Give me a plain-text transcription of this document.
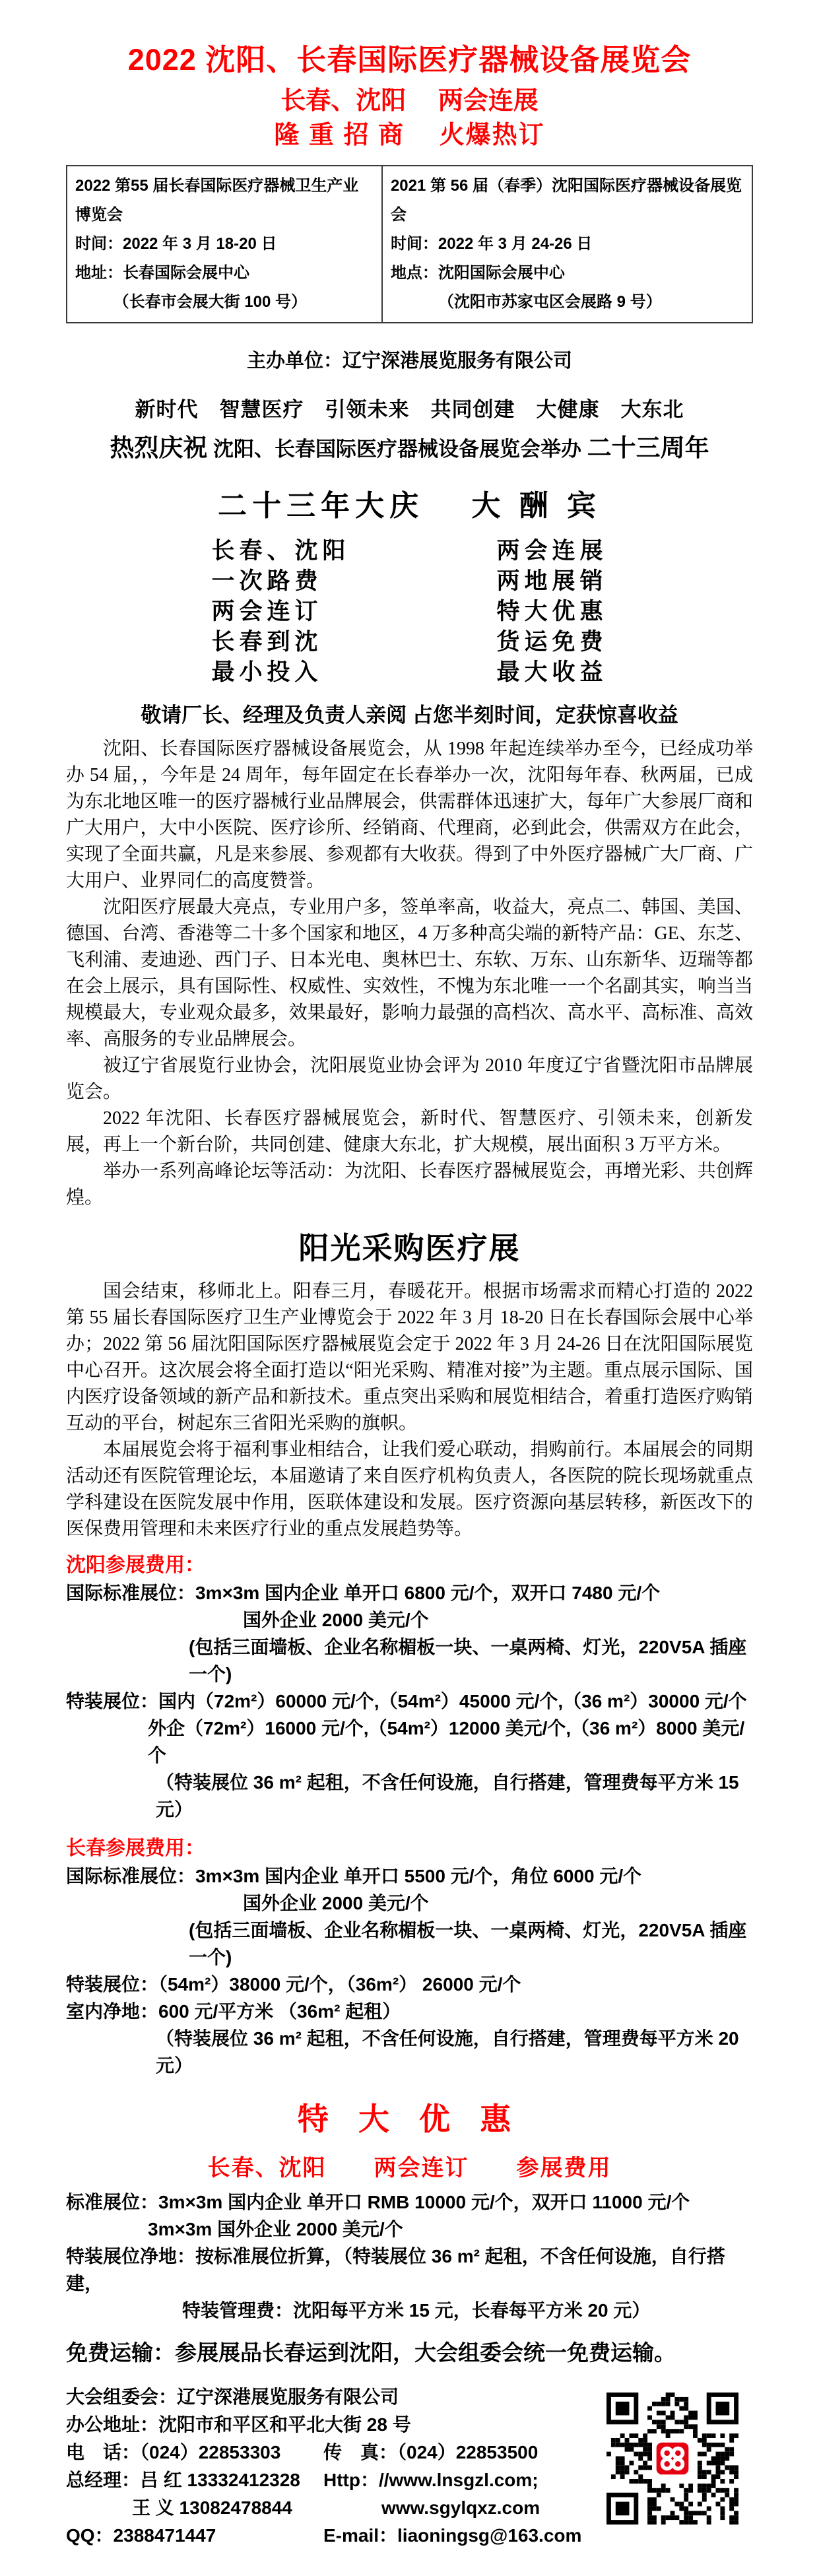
2022 沈阳、长春国际医疗器械设备展览会
长春、沈阳　 两会连展
隆 重 招 商　 火爆热订
2022 第55 届长春国际医疗器械卫生产业博览会
时间：2022 年 3 月 18-20 日
地址：长春国际会展中心
（长春市会展大街 100 号）

2021 第 56 届（春季）沈阳国际医疗器械设备展览会
时间：2022 年 3 月 24-26 日
地点：沈阳国际会展中心
（沈阳市苏家屯区会展路 9 号）
主办单位：辽宁深港展览服务有限公司
新时代　智慧医疗　引领未来　共同创建　大健康　大东北
热烈庆祝 沈阳、长春国际医疗器械设备展览会举办 二十三周年
二十三年大庆　 大 酬 宾
长春、沈阳	两会连展
一次路费	两地展销
两会连订	特大优惠
长春到沈	货运免费
最小投入	最大收益
敬请厂长、经理及负责人亲阅 占您半刻时间，定获惊喜收益

沈阳、长春国际医疗器械设备展览会，从 1998 年起连续举办至今，已经成功举办 54 届，，今年是 24 周年，每年固定在长春举办一次，沈阳每年春、秋两届，已成为东北地区唯一的医疗器械行业品牌展会，供需群体迅速扩大，每年广大参展厂商和广大用户，大中小医院、医疗诊所、经销商、代理商，必到此会，供需双方在此会，实现了全面共赢，凡是来参展、参观都有大收获。得到了中外医疗器械广大厂商、广大用户、业界同仁的高度赞誉。

沈阳医疗展最大亮点，专业用户多，签单率高，收益大，亮点二、韩国、美国、德国、台湾、香港等二十多个国家和地区，4 万多种高尖端的新特产品：GE、东芝、飞利浦、麦迪逊、西门子、日本光电、奥林巴士、东软、万东、山东新华、迈瑞等都在会上展示，具有国际性、权威性、实效性，不愧为东北唯一一个名副其实，响当当规模最大，专业观众最多，效果最好，影响力最强的高档次、高水平、高标准、高效率、高服务的专业品牌展会。

被辽宁省展览行业协会，沈阳展览业协会评为 2010 年度辽宁省暨沈阳市品牌展览会。

2022 年沈阳、长春医疗器械展览会，新时代、智慧医疗、引领未来，创新发展，再上一个新台阶，共同创建、健康大东北，扩大规模，展出面积 3 万平方米。

举办一系列高峰论坛等活动：为沈阳、长春医疗器械展览会，再增光彩、共创辉煌。

阳光采购医疗展

国会结束，移师北上。阳春三月，春暖花开。根据市场需求而精心打造的 2022 第 55 届长春国际医疗卫生产业博览会于 2022 年 3 月 18-20 日在长春国际会展中心举办；2022 第 56 届沈阳国际医疗器械展览会定于 2022 年 3 月 24-26 日在沈阳国际展览中心召开。这次展会将全面打造以“阳光采购、精准对接”为主题。重点展示国际、国内医疗设备领域的新产品和新技术。重点突出采购和展览相结合，着重打造医疗购销互动的平台，树起东三省阳光采购的旗帜。

本届展览会将于福利事业相结合，让我们爱心联动，捐购前行。本届展会的同期活动还有医院管理论坛，本届邀请了来自医疗机构负责人，各医院的院长现场就重点学科建设在医院发展中作用，医联体建设和发展。医疗资源向基层转移，新医改下的医保费用管理和未来医疗行业的重点发展趋势等。

沈阳参展费用：
国际标准展位：3m×3m 国内企业 单开口 6800 元/个，双开口 7480 元/个
国外企业 2000 美元/个
(包括三面墙板、企业名称楣板一块、一桌两椅、灯光，220V5A 插座一个)
特装展位：国内（72m²）60000 元/个,（54m²）45000 元/个,（36 m²）30000 元/个
外企（72m²）16000 元/个,（54m²）12000 美元/个,（36 m²）8000 美元/个
（特装展位 36 m² 起租，不含任何设施，自行搭建，管理费每平方米 15 元）
长春参展费用：
国际标准展位：3m×3m 国内企业 单开口 5500 元/个，角位 6000 元/个
国外企业 2000 美元/个
(包括三面墙板、企业名称楣板一块、一桌两椅、灯光，220V5A 插座一个)
特装展位：（54m²）38000 元/个，（36m²） 26000 元/个
室内净地：600 元/平方米 （36m² 起租）
（特装展位 36 m² 起租，不含任何设施，自行搭建，管理费每平方米 20 元）
特 大 优 惠
长春、沈阳　　两会连订　　参展费用
标准展位：3m×3m 国内企业 单开口 RMB 10000 元/个，双开口 11000 元/个
3m×3m 国外企业 2000 美元/个
特装展位净地：按标准展位折算，（特装展位 36 m² 起租，不含任何设施，自行搭建，
特装管理费：沈阳每平方米 15 元，长春每平方米 20 元）
免费运输：参展展品长春运到沈阳，大会组委会统一免费运输。
大会组委会：辽宁深港展览服务有限公司
办公地址：沈阳市和平区和平北大街 28 号
电　话：（024）22853303	传　真：（024）22853500
总经理：吕 红 13332412328	Http：//www.lnsgzl.com;
王 义 13082478844	www.sgylqxz.com
QQ：2388471447	E-mail：liaoningsg@163.com
